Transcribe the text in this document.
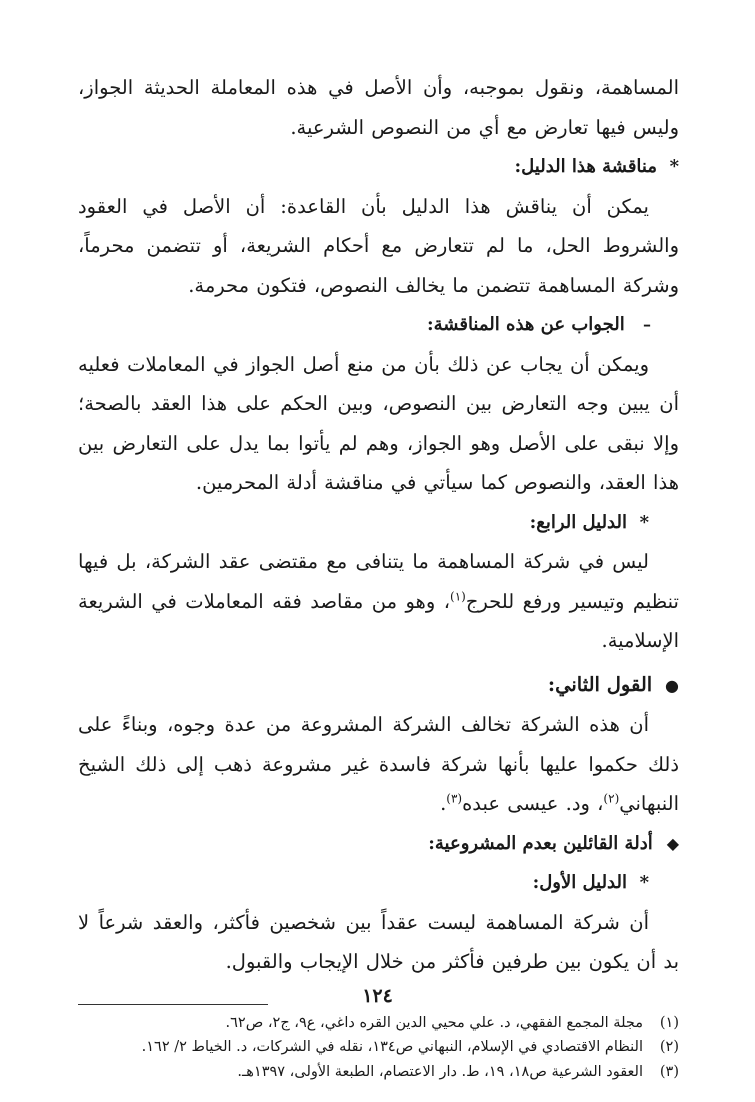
المساهمة، ونقول بموجبه، وأن الأصل في هذه المعاملة الحديثة الجواز، وليس فيها تعارض مع أي من النصوص الشرعية.

*مناقشة هذا الدليل:

يمكن أن يناقش هذا الدليل بأن القاعدة: أن الأصل في العقود والشروط الحل، ما لم تتعارض مع أحكام الشريعة، أو تتضمن محرماً، وشركة المساهمة تتضمن ما يخالف النصوص، فتكون محرمة.

– الجواب عن هذه المناقشة:

ويمكن أن يجاب عن ذلك بأن من منع أصل الجواز في المعاملات فعليه أن يبين وجه التعارض بين النصوص، وبين الحكم على هذا العقد بالصحة؛ وإلا نبقى على الأصل وهو الجواز، وهم لم يأتوا بما يدل على التعارض بين هذا العقد، والنصوص كما سيأتي في مناقشة أدلة المحرمين.

*الدليل الرابع:

ليس في شركة المساهمة ما يتنافى مع مقتضى عقد الشركة، بل فيها تنظيم وتيسير ورفع للحرج$^{(١)}$، وهو من مقاصد فقه المعاملات في الشريعة الإسلامية.

● القول الثاني:

أن هذه الشركة تخالف الشركة المشروعة من عدة وجوه، وبناءً على ذلك حكموا عليها بأنها شركة فاسدة غير مشروعة ذهب إلى ذلك الشيخ النبهاني$^{(٢)}$، ود. عيسى عبده$^{(٣)}$.

◆ أدلة القائلين بعدم المشروعية:

*الدليل الأول:

أن شركة المساهمة ليست عقداً بين شخصين فأكثر، والعقد شرعاً لا بد أن يكون بين طرفين فأكثر من خلال الإيجاب والقبول.

(١)
مجلة المجمع الفقهي، د. علي محيي الدين القره داغي، ع٩، ج٢، ص٦٢.

(٢)
النظام الاقتصادي في الإسلام، النبهاني ص١٣٤، نقله في الشركات، د. الخياط ٢/ ١٦٢.

(٣)
العقود الشرعية ص١٨، ١٩، ط. دار الاعتصام، الطبعة الأولى، ١٣٩٧هـ.

١٢٤
